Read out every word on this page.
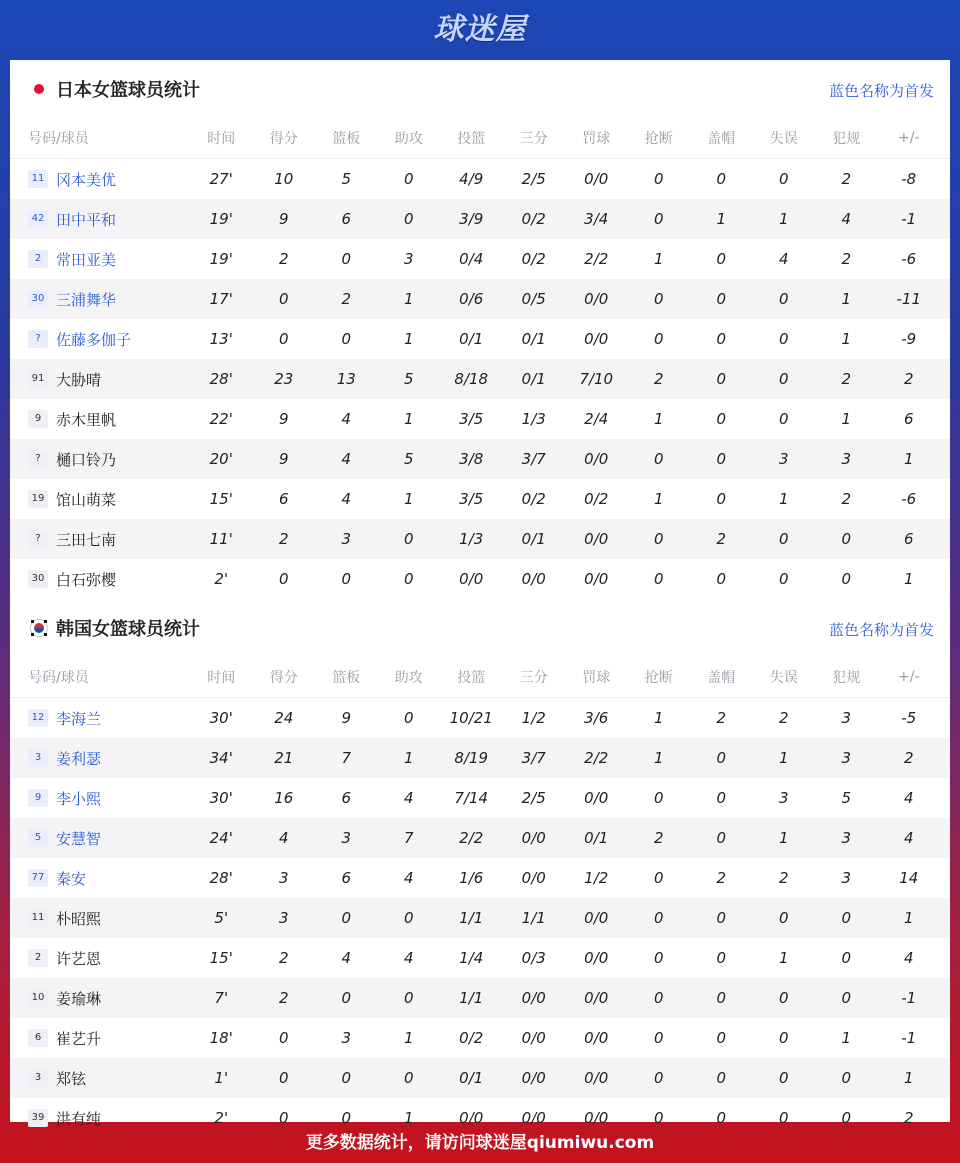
球迷屋
日本女篮球员统计	蓝色名称为首发
号码/球员	时间	得分	篮板	助攻	投篮	三分	罚球	抢断	盖帽	失误	犯规	+/-
11 冈本美优	27'	10	5	0	4/9	2/5	0/0	0	0	0	2	-8
42 田中平和	19'	9	6	0	3/9	0/2	3/4	0	1	1	4	-1
2 常田亚美	19'	2	0	3	0/4	0/2	2/2	1	0	4	2	-6
30 三浦舞华	17'	0	2	1	0/6	0/5	0/0	0	0	0	1	-11
?	佐藤多伽子	13'	0	0	1	0/1	0/1	0/0	0	0	0	1	-9
91 大胁晴	28'	23	13	5	8/18	0/1	7/10	2	0	0	2	2
9 赤木里帆	22'	9	4	1	3/5	1/3	2/4	1	0	0	1	6
?	樋口铃乃	20'	9	4	5	3/8	3/7	0/0	0	0	3	3	1
19 馆山萌菜	15'	6	4	1	3/5	0/2	0/2	1	0	1	2	-6
?	三田七南	11'	2	3	0	1/3	0/1	0/0	0	2	0	0	6
30 白石弥樱	2'	0	0	0	0/0	0/0	0/0	0	0	0	0	1
韩国女篮球员统计	蓝色名称为首发
号码/球员	时间	得分	篮板	助攻	投篮	三分	罚球	抢断	盖帽	失误	犯规	+/-
12 李海兰	30'	24	9	0	10/21	1/2	3/6	1	2	2	3	-5
3 姜利瑟	34'	21	7	1	8/19	3/7	2/2	1	0	1	3	2
9 李小熙	30'	16	6	4	7/14	2/5	0/0	0	0	3	5	4
5 安慧智	24'	4	3	7	2/2	0/0	0/1	2	0	1	3	4
77 秦安	28'	3	6	4	1/6	0/0	1/2	0	2	2	3	14
11 朴昭熙	5'	3	0	0	1/1	1/1	0/0	0	0	0	0	1
2 许艺恩	15'	2	4	4	1/4	0/3	0/0	0	0	1	0	4
10 姜瑜琳	7'	2	0	0	1/1	0/0	0/0	0	0	0	0	-1
6 崔艺升	18'	0	3	1	0/2	0/0	0/0	0	0	0	1	-1
3 郑铉	1'	0	0	0	0/1	0/0	0/0	0	0	0	0	1
39 洪有纯	2'	0	0	1	0/0	0/0	0/0	0	0	0	0	2
更多数据统计，请访问球迷屋qiumiwu.com
